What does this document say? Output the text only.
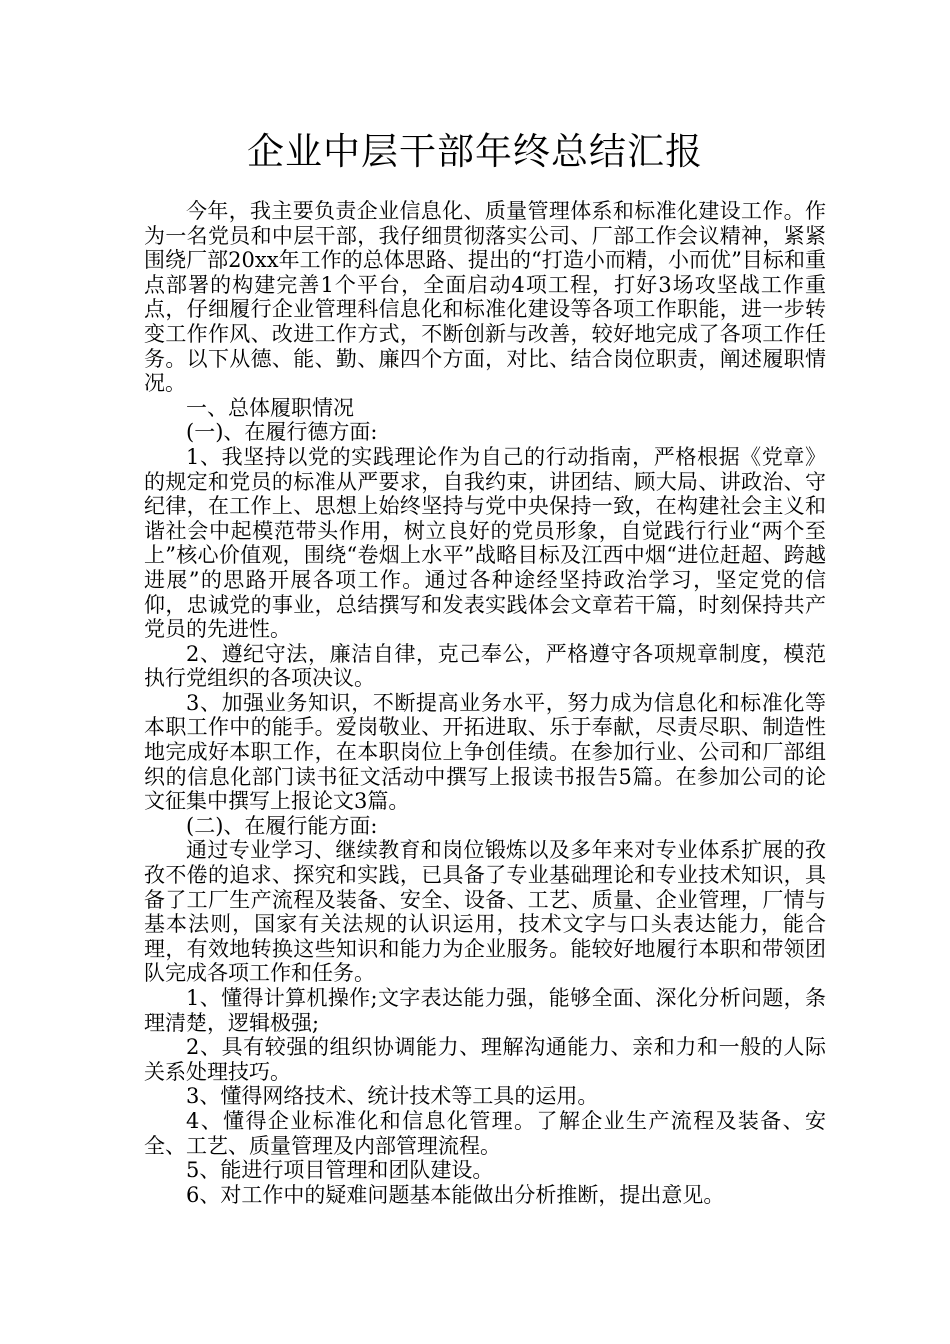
企业中层干部年终总结汇报

今年，我主要负责企业信息化、质量管理体系和标准化建设工作。作为一名党员和中层干部，我仔细贯彻落实公司、厂部工作会议精神，紧紧围绕厂部20xx年工作的总体思路、提出的“打造小而精，小而优”目标和重点部署的构建完善1个平台，全面启动4项工程，打好3场攻坚战工作重点，仔细履行企业管理科信息化和标准化建设等各项工作职能，进一步转变工作作风、改进工作方式，不断创新与改善，较好地完成了各项工作任务。以下从德、能、勤、廉四个方面，对比、结合岗位职责，阐述履职情况。

一、总体履职情况

(一)、在履行德方面:

1、我坚持以党的实践理论作为自己的行动指南，严格根据《党章》的规定和党员的标准从严要求，自我约束，讲团结、顾大局、讲政治、守纪律，在工作上、思想上始终坚持与党中央保持一致，在构建社会主义和谐社会中起模范带头作用，树立良好的党员形象，自觉践行行业“两个至上”核心价值观，围绕“卷烟上水平”战略目标及江西中烟“进位赶超、跨越进展”的思路开展各项工作。通过各种途经坚持政治学习，坚定党的信仰，忠诚党的事业，总结撰写和发表实践体会文章若干篇，时刻保持共产党员的先进性。

2、遵纪守法，廉洁自律，克己奉公，严格遵守各项规章制度，模范执行党组织的各项决议。

3、加强业务知识，不断提高业务水平，努力成为信息化和标准化等本职工作中的能手。爱岗敬业、开拓进取、乐于奉献，尽责尽职、制造性地完成好本职工作，在本职岗位上争创佳绩。在参加行业、公司和厂部组织的信息化部门读书征文活动中撰写上报读书报告5篇。在参加公司的论文征集中撰写上报论文3篇。

(二)、在履行能方面:

通过专业学习、继续教育和岗位锻炼以及多年来对专业体系扩展的孜孜不倦的追求、探究和实践，已具备了专业基础理论和专业技术知识，具备了工厂生产流程及装备、安全、设备、工艺、质量、企业管理，厂情与基本法则，国家有关法规的认识运用，技术文字与口头表达能力，能合理，有效地转换这些知识和能力为企业服务。能较好地履行本职和带领团队完成各项工作和任务。

1、懂得计算机操作;文字表达能力强，能够全面、深化分析问题，条理清楚，逻辑极强;

2、具有较强的组织协调能力、理解沟通能力、亲和力和一般的人际关系处理技巧。

3、懂得网络技术、统计技术等工具的运用。

4、懂得企业标准化和信息化管理。了解企业生产流程及装备、安全、工艺、质量管理及内部管理流程。

5、能进行项目管理和团队建设。

6、对工作中的疑难问题基本能做出分析推断，提出意见。
